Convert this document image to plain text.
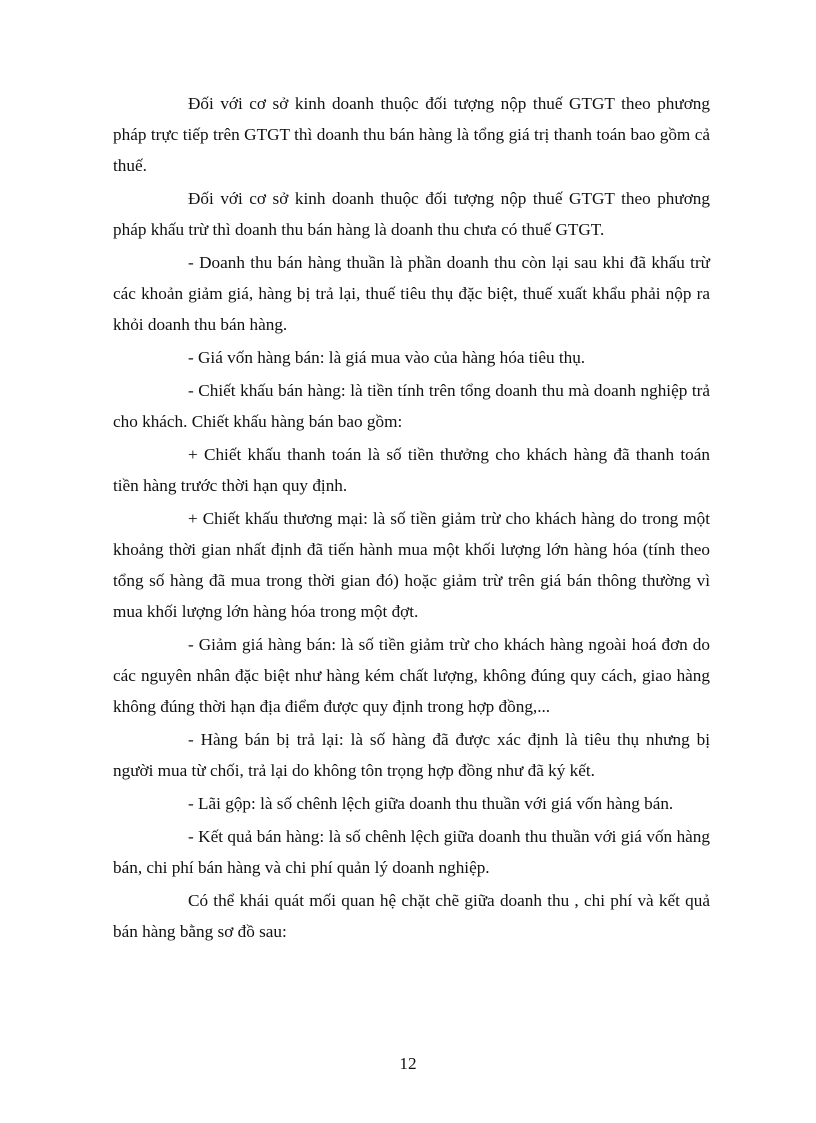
Đối với cơ sở kinh doanh thuộc đối tượng nộp thuế GTGT theo phương pháp trực tiếp trên GTGT thì doanh thu bán hàng là tổng giá trị thanh toán bao gồm cả thuế.

Đối với cơ sở kinh doanh thuộc đối tượng nộp thuế GTGT theo phương pháp khấu trừ thì doanh thu bán hàng là doanh thu chưa có thuế GTGT.

- Doanh thu bán hàng thuần là phần doanh thu còn lại sau khi đã khấu trừ các khoản giảm giá, hàng bị trả lại, thuế tiêu thụ đặc biệt, thuế xuất khẩu phải nộp ra khỏi doanh thu bán hàng.

- Giá vốn hàng bán: là giá mua vào của hàng hóa tiêu thụ.

- Chiết khấu bán hàng: là tiền tính trên tổng doanh thu mà doanh nghiệp trả cho khách. Chiết khấu hàng bán bao gồm:

+ Chiết khấu thanh toán là số tiền thưởng cho khách hàng đã thanh toán tiền hàng trước thời hạn quy định.

+ Chiết khấu thương mại: là số tiền giảm trừ cho khách hàng do trong một khoảng thời gian nhất định đã tiến hành mua một khối lượng lớn hàng hóa (tính theo tổng số hàng đã mua trong thời gian đó) hoặc giảm trừ trên giá bán thông thường vì mua khối lượng lớn hàng hóa trong một đợt.

- Giảm giá hàng bán: là số tiền giảm trừ cho khách hàng ngoài hoá đơn do các nguyên nhân đặc biệt như hàng kém chất lượng, không đúng quy cách, giao hàng không đúng thời hạn địa điểm được quy định trong hợp đồng,...

- Hàng bán bị trả lại: là số hàng đã được xác định là tiêu thụ nhưng bị người mua từ chối, trả lại do không tôn trọng hợp đồng như đã ký kết.

- Lãi gộp: là số chênh lệch giữa doanh thu thuần với giá vốn hàng bán.

- Kết quả bán hàng: là số chênh lệch giữa doanh thu thuần với giá vốn hàng bán, chi phí bán hàng và chi phí quản lý doanh nghiệp.

Có thể khái quát mối quan hệ chặt chẽ giữa doanh thu , chi phí và kết quả bán hàng bằng sơ đồ sau:

12
